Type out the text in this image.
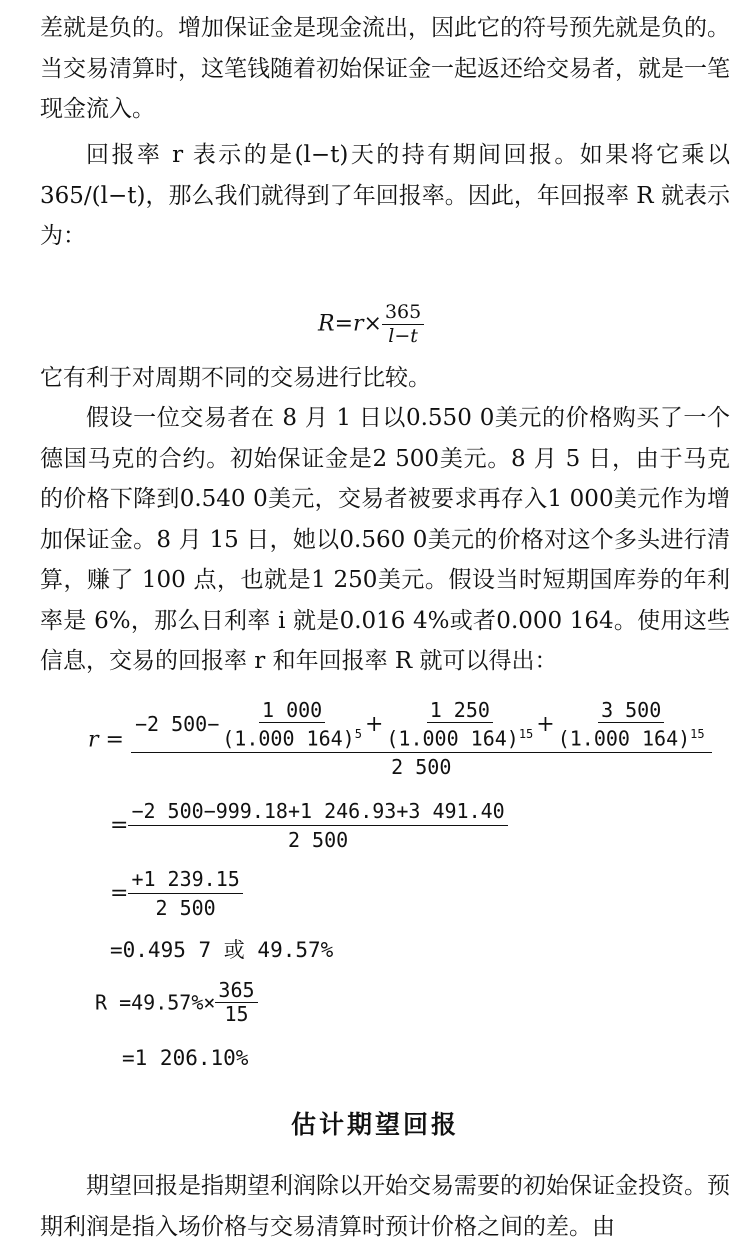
差就是负的。增加保证金是现金流出，因此它的符号预先就是负的。当交易清算时，这笔钱随着初始保证金一起返还给交易者，就是一笔现金流入。

回报率 r 表示的是(l−t)天的持有期间回报。如果将它乘以365/(l−t)，那么我们就得到了年回报率。因此，年回报率 R 就表示为：

$R=r\times \frac{365}{l-t}$

它有利于对周期不同的交易进行比较。

假设一位交易者在 8 月 1 日以0.550 0美元的价格购买了一个德国马克的合约。初始保证金是2 500美元。8 月 5 日，由于马克的价格下降到0.540 0美元，交易者被要求再存入1 000美元作为增加保证金。8 月 15 日，她以0.560 0美元的价格对这个多头进行清算，赚了 100 点，也就是1 250美元。假设当时短期国库券的年利率是 6%，那么日利率 i 就是0.016 4%或者0.000 164。使用这些信息，交易的回报率 r 和年回报率 R 就可以得出：

r =
−2 $500- \frac{1 000}{(1.000 164)^5} + \frac{1 250}{(1.000 164)^{15}} + \frac{3 500}{(1.000 164)^{15}}$
2 500
= $\frac{-2 500-999.18+1 246.93+3 491.40}{2 500}$
= $\frac{+1 239.15}{2 500}$
=0.495 7 或 49.57%
$R =49.57\%\times \frac{365}{15}$
=1 206.10%
估计期望回报

期望回报是指期望利润除以开始交易需要的初始保证金投资。预期利润是指入场价格与交易清算时预计价格之间的差。由
